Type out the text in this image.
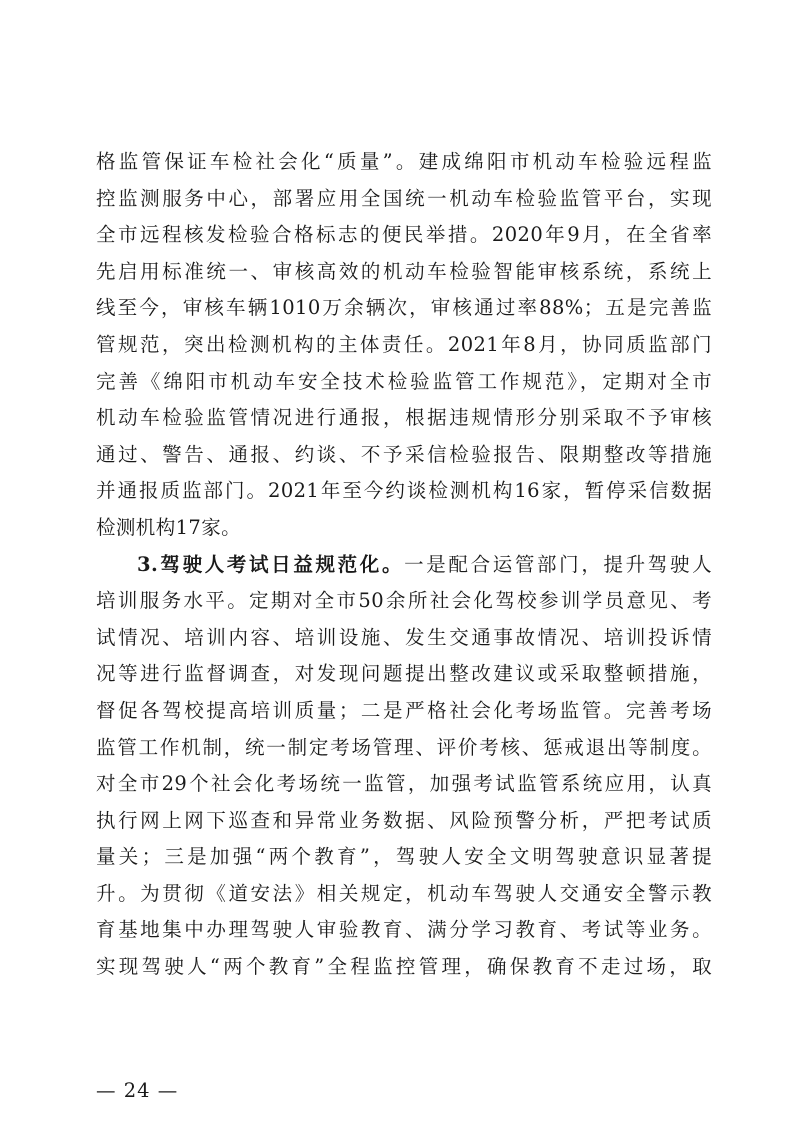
格监管保证车检社会化“质量”。建成绵阳市机动车检验远程监
控监测服务中心，部署应用全国统一机动车检验监管平台，实现
全市远程核发检验合格标志的便民举措。2020年9月，在全省率
先启用标准统一、审核高效的机动车检验智能审核系统，系统上
线至今，审核车辆1010万余辆次，审核通过率88%；五是完善监
管规范，突出检测机构的主体责任。2021年8月，协同质监部门
完善《绵阳市机动车安全技术检验监管工作规范》，定期对全市
机动车检验监管情况进行通报，根据违规情形分别采取不予审核
通过、警告、通报、约谈、不予采信检验报告、限期整改等措施
并通报质监部门。2021年至今约谈检测机构16家，暂停采信数据
检测机构17家。
3.驾驶人考试日益规范化。一是配合运管部门，提升驾驶人
培训服务水平。定期对全市50余所社会化驾校参训学员意见、考
试情况、培训内容、培训设施、发生交通事故情况、培训投诉情
况等进行监督调查，对发现问题提出整改建议或采取整顿措施，
督促各驾校提高培训质量；二是严格社会化考场监管。完善考场
监管工作机制，统一制定考场管理、评价考核、惩戒退出等制度。
对全市29个社会化考场统一监管，加强考试监管系统应用，认真
执行网上网下巡查和异常业务数据、风险预警分析，严把考试质
量关；三是加强“两个教育”，驾驶人安全文明驾驶意识显著提
升。为贯彻《道安法》相关规定，机动车驾驶人交通安全警示教
育基地集中办理驾驶人审验教育、满分学习教育、考试等业务。
实现驾驶人“两个教育”全程监控管理，确保教育不走过场，取
— 24 —
